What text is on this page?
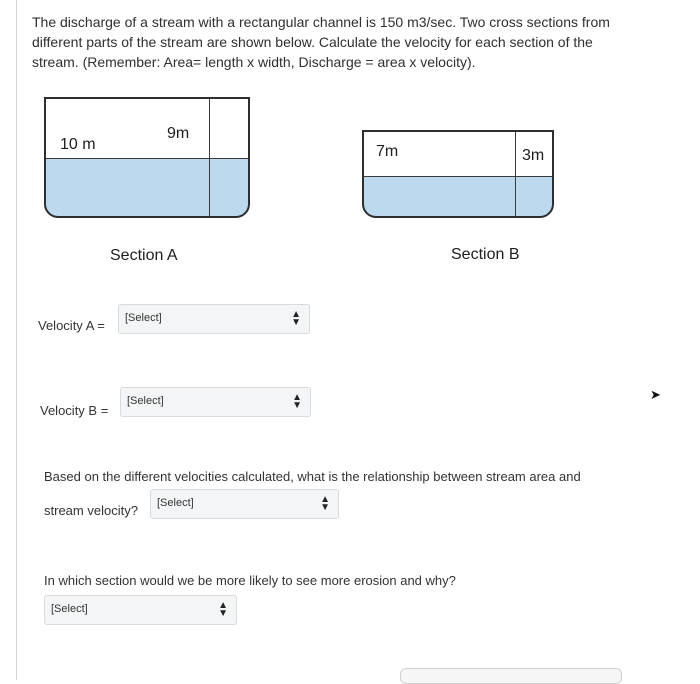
The discharge of a stream with a rectangular channel is 150 m3/sec. Two cross sections from
different parts of the stream are shown below. Calculate the velocity for each section of the
stream. (Remember: Area= length x width, Discharge = area x velocity).
10 m
9m
Section A
7m	3m
Section B
Velocity A = [Select]	▲
▼
Velocity B =
[Select]	▲
▼
Based on the different velocities calculated, what is the relationship between stream area and
stream velocity? [Select]	▲
▼
In which section would we be more likely to see more erosion and why?
[Select]	▲
▼
➤
